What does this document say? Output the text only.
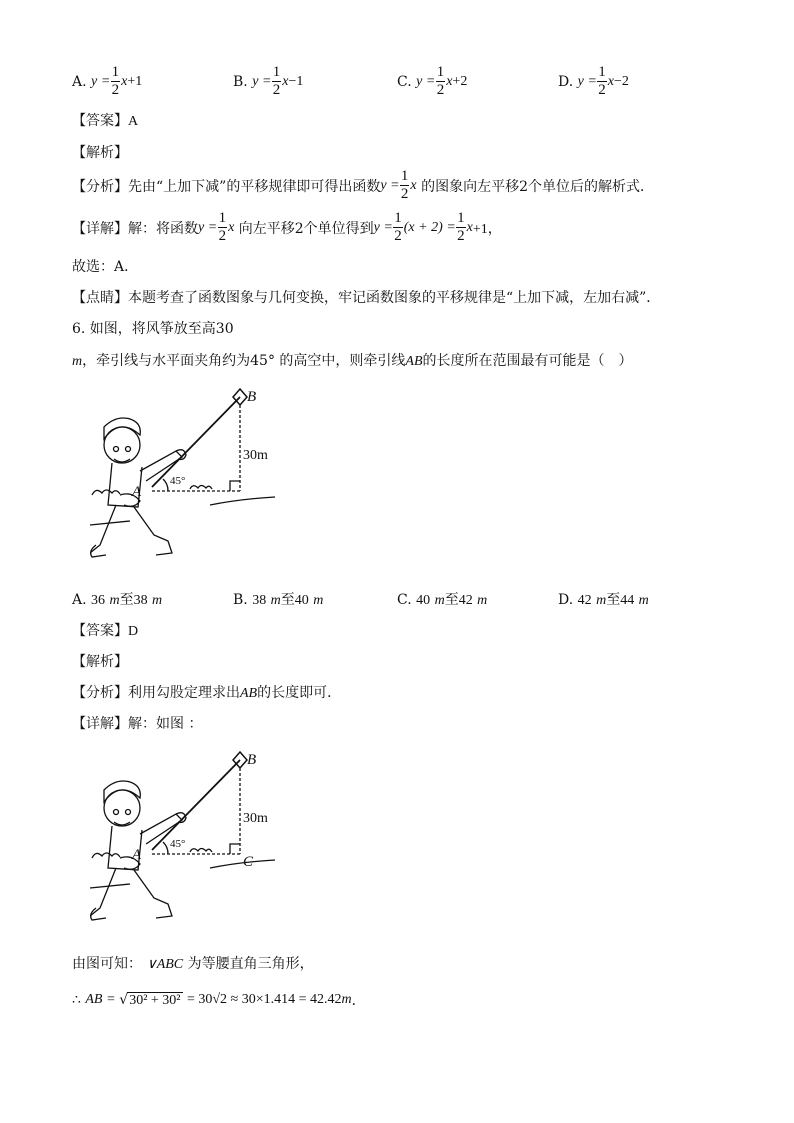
A.
y
= $\frac{1}{2}$ x +1	B.
y
= $\frac{1}{2}$ x −1	C.
y
= $\frac{1}{2}$ x +2	D.
y
= $\frac{1}{2}$ x −2
【答案】A
【解析】
【分析】 先由“上加下减”的平移规律即可得出函数 y
= $\frac{1}{2}$ x
的图象向左平移2个单位后的解析式．
【详解】 解：将函数 y
= $\frac{1}{2}$ x
向左平移2个单位得到 y
= $\frac{1}{2} (x + 2)$
= $\frac{1}{2}$ x +1，
故选：A．
【点睛】本题考查了函数图象与几何变换，牢记函数图象的平移规律是“上加下减，左加右减”．
6. 如图，将风筝放至高30
m，牵引线与水平面夹角约为45° 的高空中，则牵引线AB的长度所在范围最有可能是（　）
B
A
30m
45°
A. 36 m至38 m	B. 38 m至40 m	C. 40 m至42 m	D. 42 m至44 m
【答案】D
【解析】
【分析】利用勾股定理求出AB的长度即可．
【详解】解：如图 ：
B
A	C
30m
45°
由图可知： ∨ABC 为等腰直角三角形，
∴
AB
= √ 30² + 30²
= 30√2 ≈ 30×1.414 = 42.42 m ．
